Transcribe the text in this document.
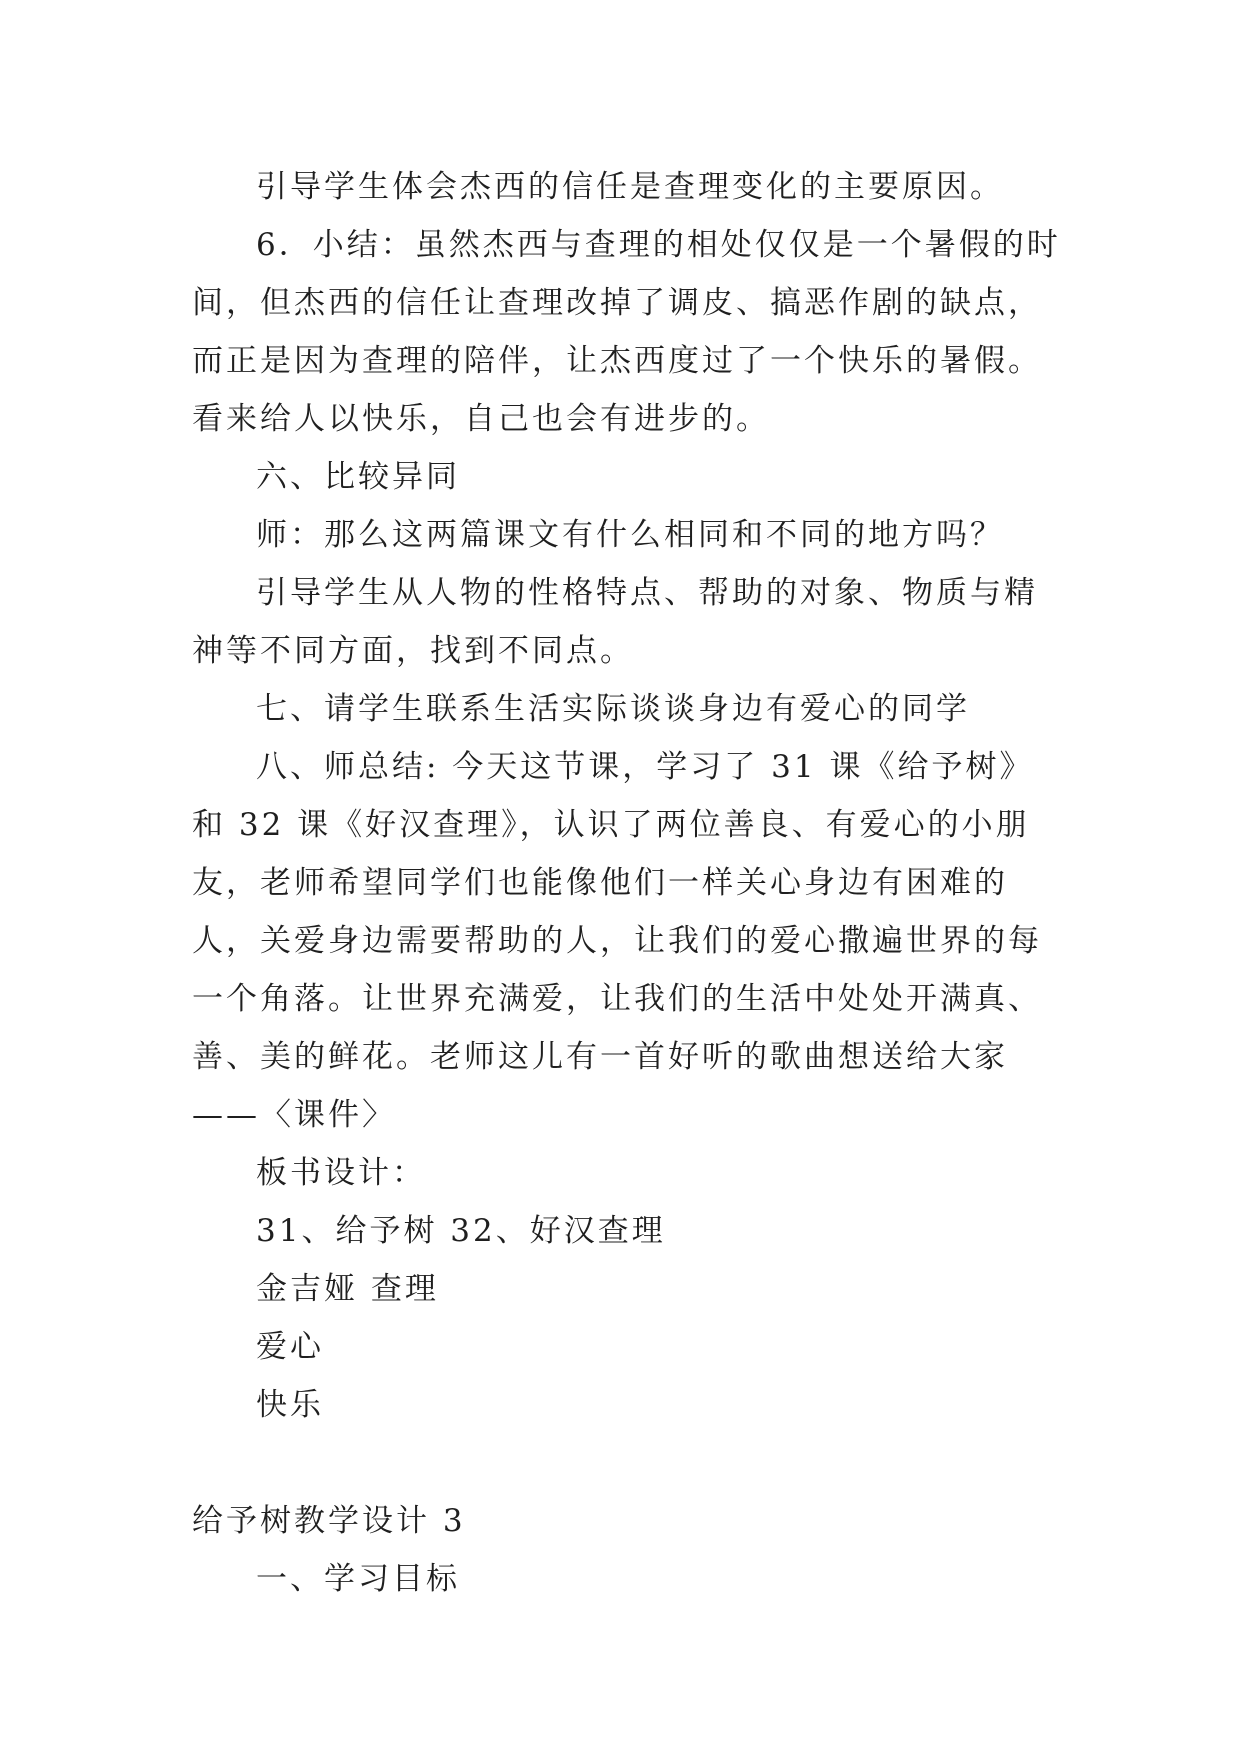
引导学生体会杰西的信任是查理变化的主要原因。

6．小结：虽然杰西与查理的相处仅仅是一个暑假的时间，但杰西的信任让查理改掉了调皮、搞恶作剧的缺点，而正是因为查理的陪伴，让杰西度过了一个快乐的暑假。看来给人以快乐，自己也会有进步的。

六、比较异同

师：那么这两篇课文有什么相同和不同的地方吗？

引导学生从人物的性格特点、帮助的对象、物质与精神等不同方面，找到不同点。

七、请学生联系生活实际谈谈身边有爱心的同学

八、师总结: 今天这节课，学习了 31 课《给予树》和 32 课《好汉查理》，认识了两位善良、有爱心的小朋友，老师希望同学们也能像他们一样关心身边有困难的人，关爱身边需要帮助的人，让我们的爱心撒遍世界的每一个角落。让世界充满爱，让我们的生活中处处开满真、善、美的鲜花。老师这儿有一首好听的歌曲想送给大家——〈课件〉

板书设计：

31、给予树 32、好汉查理

金吉娅 查理

爱心

快乐

给予树教学设计 3

一、学习目标
